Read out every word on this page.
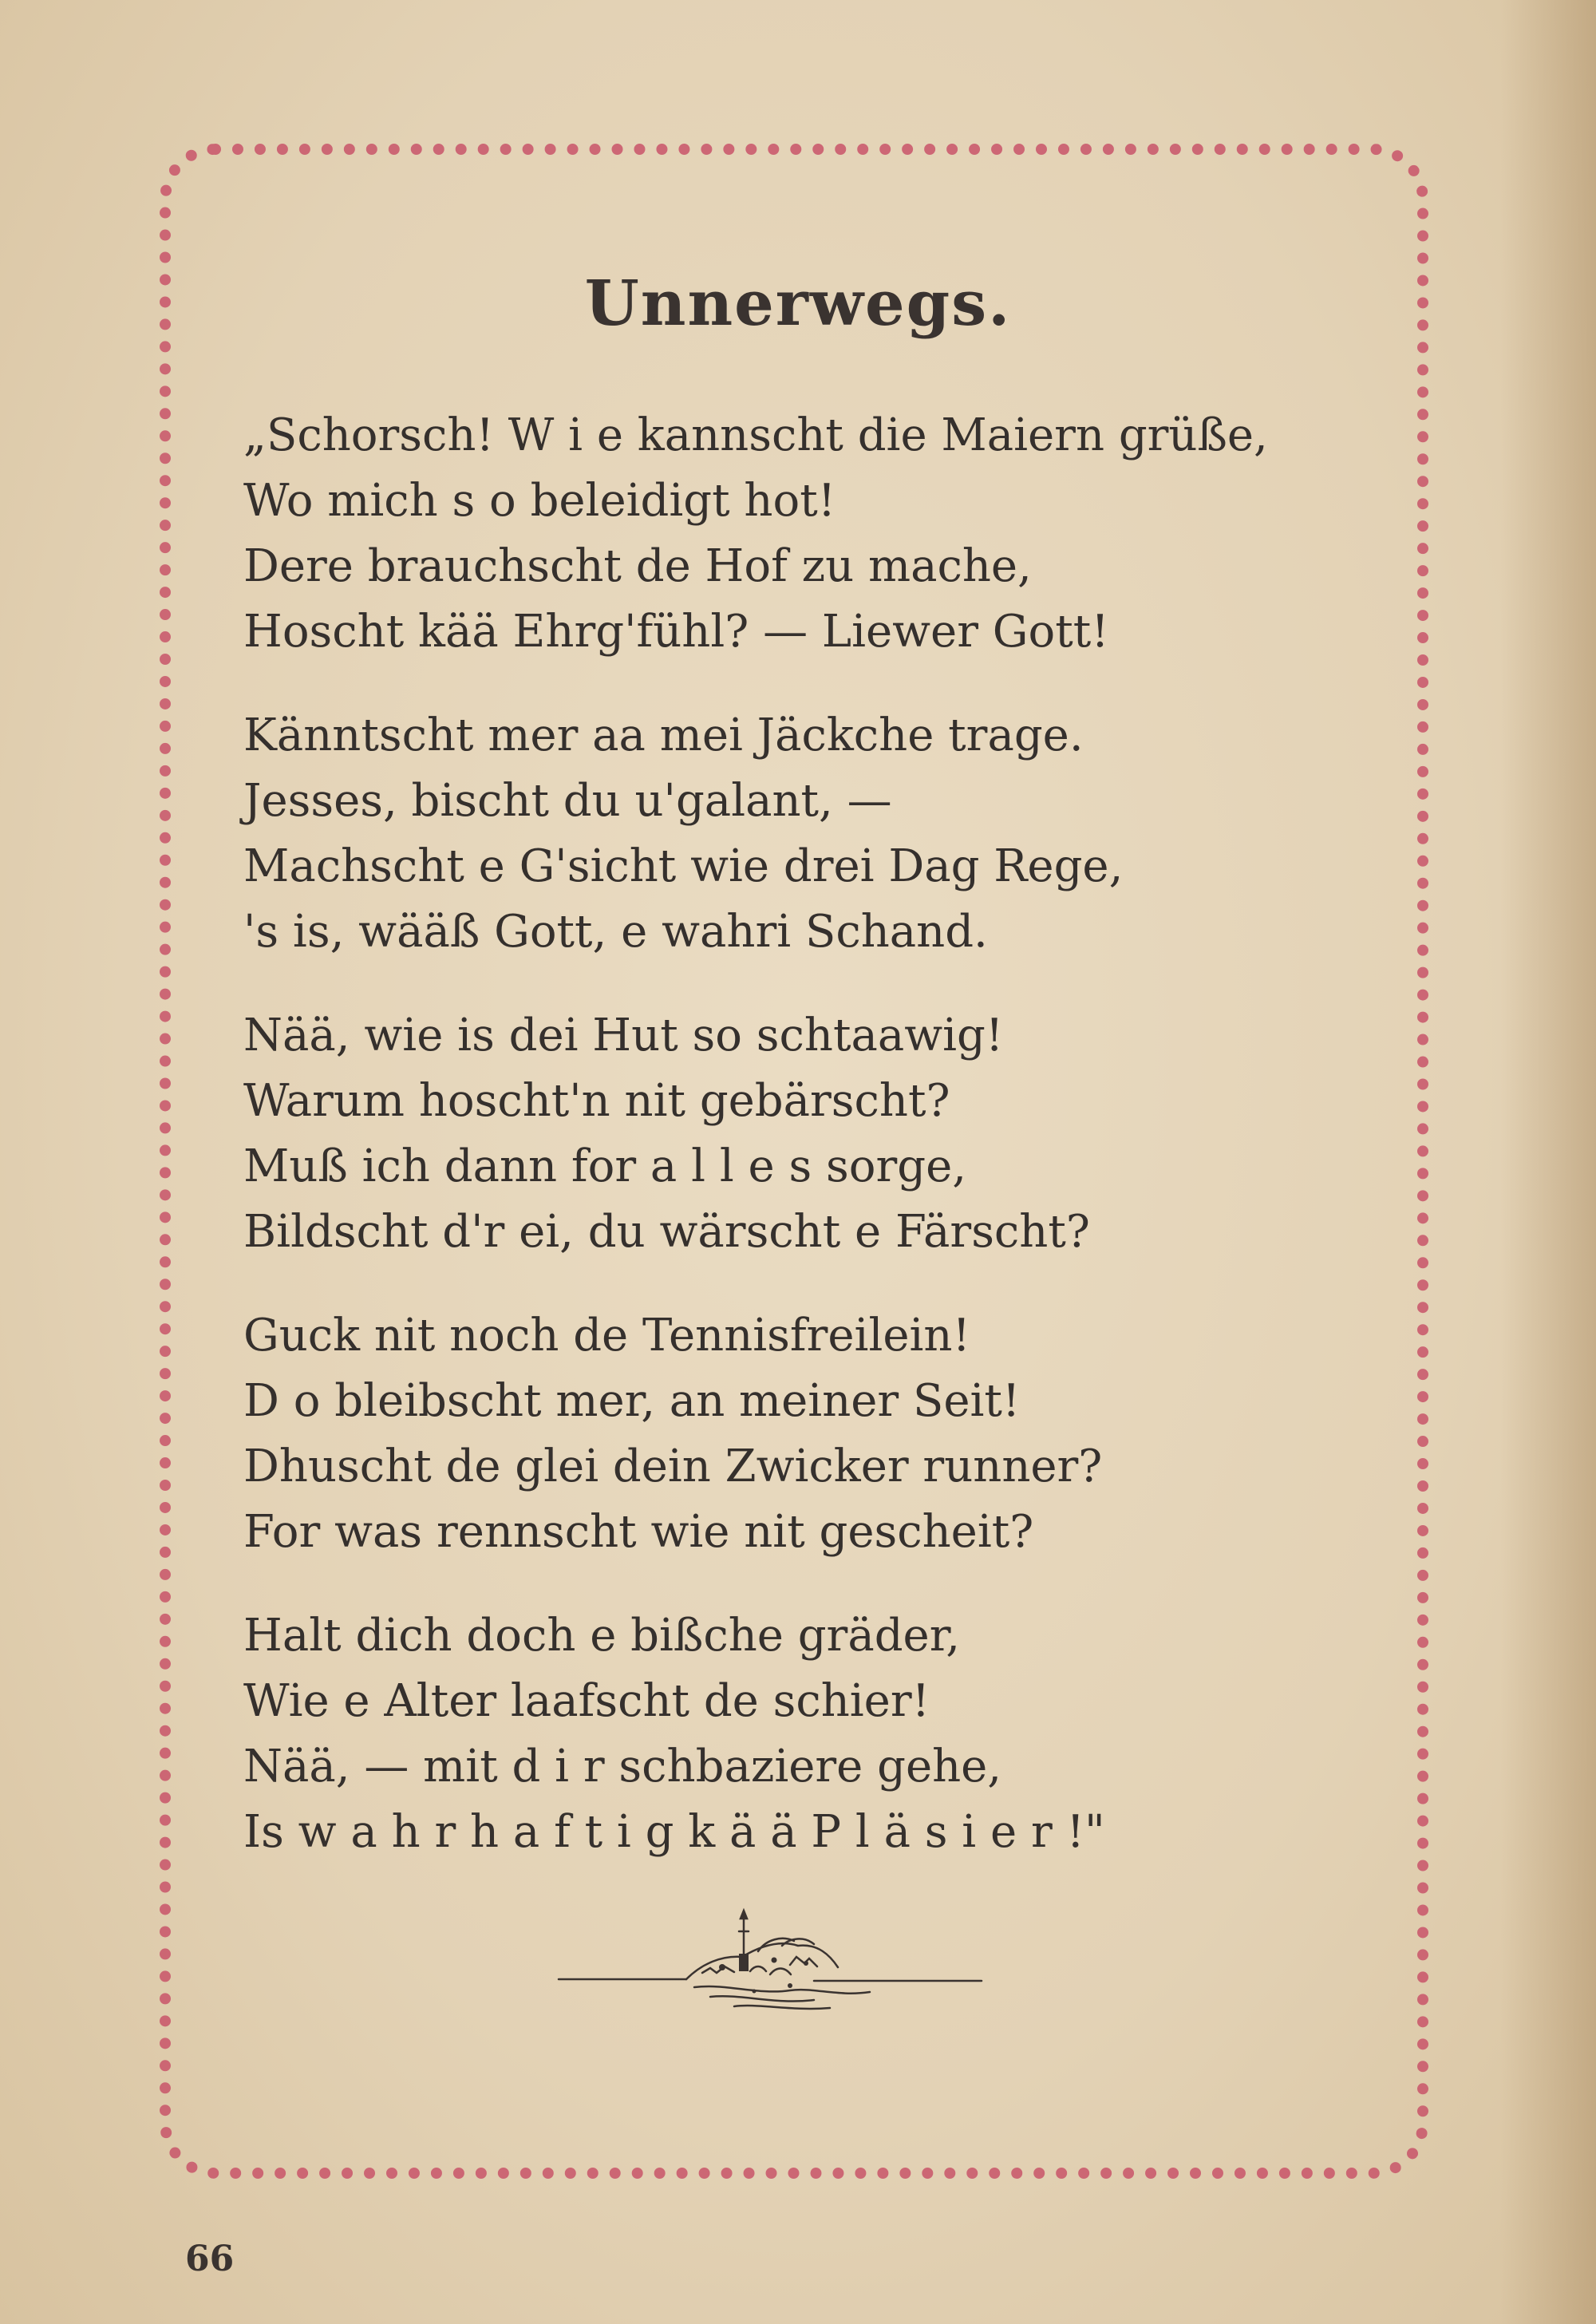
Unnerwegs.
„Schorsch! W i e kannscht die Maiern grüße,
Wo mich s o beleidigt hot!
Dere brauchscht de Hof zu mache,
Hoscht kää Ehrg'fühl? — Liewer Gott!
Känntscht mer aa mei Jäckche trage.
Jesses, bischt du u'galant, —
Machscht e G'sicht wie drei Dag Rege,
's is, wääß Gott, e wahri Schand.
Nää, wie is dei Hut so schtaawig!
Warum hoscht'n nit gebärscht?
Muß ich dann for a l l e s sorge,
Bildscht d'r ei, du wärscht e Färscht?
Guck nit noch de Tennisfreilein!
D o bleibscht mer, an meiner Seit!
Dhuscht de glei dein Zwicker runner?
For was rennscht wie nit gescheit?
Halt dich doch e bißche gräder,
Wie e Alter laafscht de schier!
Nää, — mit d i r schbaziere gehe,
Is w a h r h a f t i g k ä ä P l ä s i e r !"
66
